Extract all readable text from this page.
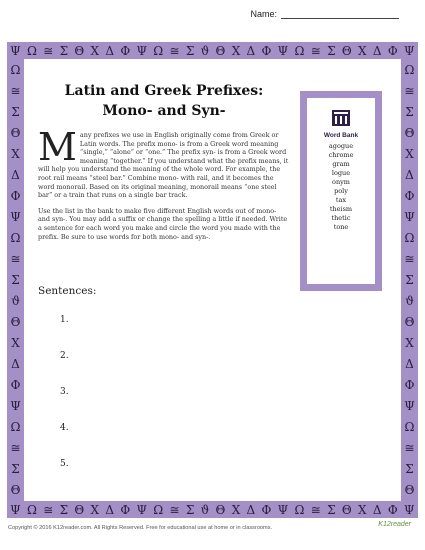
Name:
Ψ Ω ≅ Σ Θ Χ Δ Φ Ψ Ω ≅ Σ ϑ Θ Χ Δ Φ Ψ Ω ≅ Σ Θ Χ Δ Φ Ψ
Ψ Ω ≅ Σ Θ Χ Δ Φ Ψ Ω ≅ Σ ϑ Θ Χ Δ Φ Ψ Ω ≅ Σ Θ Χ Δ Φ Ψ
Ω
≅
Σ
Θ
Χ
Δ
Φ
Ψ
Ω
≅
Σ
ϑ
Θ
Χ
Δ
Φ
Ψ
Ω
≅
Σ
Θ
Ω
≅
Σ
Θ
Χ
Δ
Φ
Ψ
Ω
≅
Σ
ϑ
Θ
Χ
Δ
Φ
Ψ
Ω
≅
Σ
Θ
Latin and Greek Prefixes:
Mono- and Syn-
M any prefixes we use in English originally come from Greek or Latin words. The prefix mono- is from a Greek word meaning “single,” “alone” or “one.” The prefix syn- is from a Greek word meaning “together.” If you understand what the prefix means, it will help you understand the meaning of the whole word. For example, the root rail means “steel bar.” Combine mono- with rail, and it becomes the word monorail. Based on its original meaning, monorail means “one steel bar” or a train that runs on a single bar track.

Use the list in the bank to make five different English words out of mono- and syn-. You may add a suffix or change the spelling a little if needed. Write a sentence for each word you make and circle the word you made with the prefix. Be sure to use words for both mono- and syn-.

Sentences:
1.
2.
3.
4.
5.
Word Bank
agogue
chrome
gram
logue
onym
poly
tax
theism
thetic
tone
Copyright © 2016 K12reader.com. All Rights Reserved. Free for educational use at home or in classrooms.	K12reader
